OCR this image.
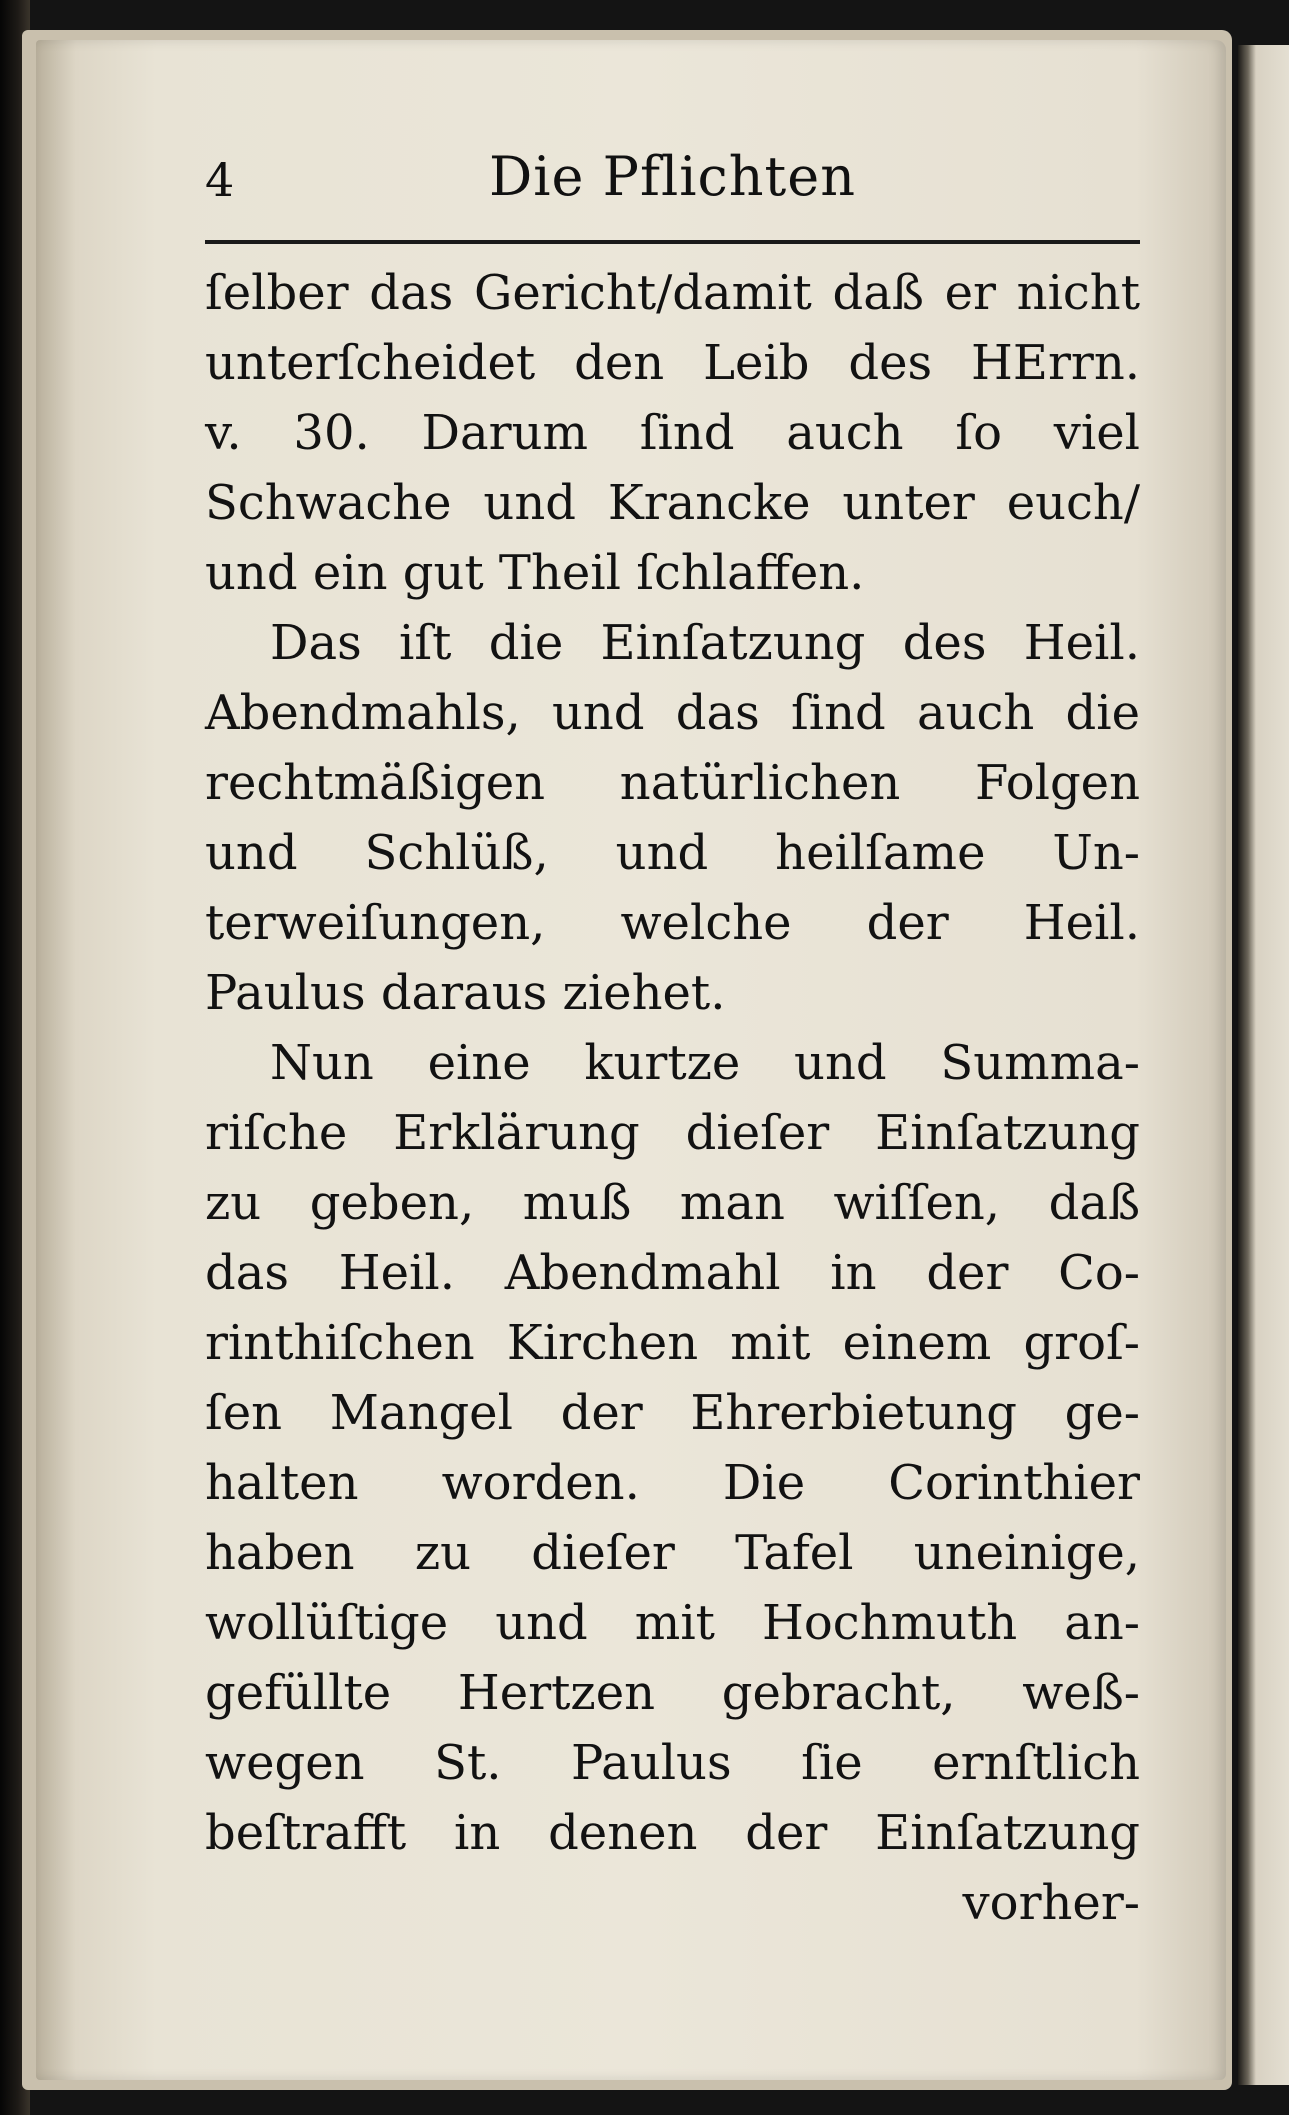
4	Die Pflichten
ſelber das Gericht/damit daß er nicht
unterſcheidet den Leib des HErrn.
v. 30. Darum ſind auch ſo viel
Schwache und Krancke unter euch/
und ein gut Theil ſchlaffen.
Das iſt die Einſatzung des Heil.
Abendmahls, und das ſind auch die
rechtmäßigen natürlichen Folgen
und Schlüß, und heilſame Un-
terweiſungen, welche der Heil.
Paulus daraus ziehet.
Nun eine kurtze und Summa-
riſche Erklärung dieſer Einſatzung
zu geben, muß man wiſſen, daß
das Heil. Abendmahl in der Co-
rinthiſchen Kirchen mit einem groſ-
ſen Mangel der Ehrerbietung ge-
halten worden. Die Corinthier
haben zu dieſer Tafel uneinige,
wollüſtige und mit Hochmuth an-
gefüllte Hertzen gebracht, weß-
wegen St. Paulus ſie ernſtlich
beſtrafft in denen der Einſatzung
vorher-
